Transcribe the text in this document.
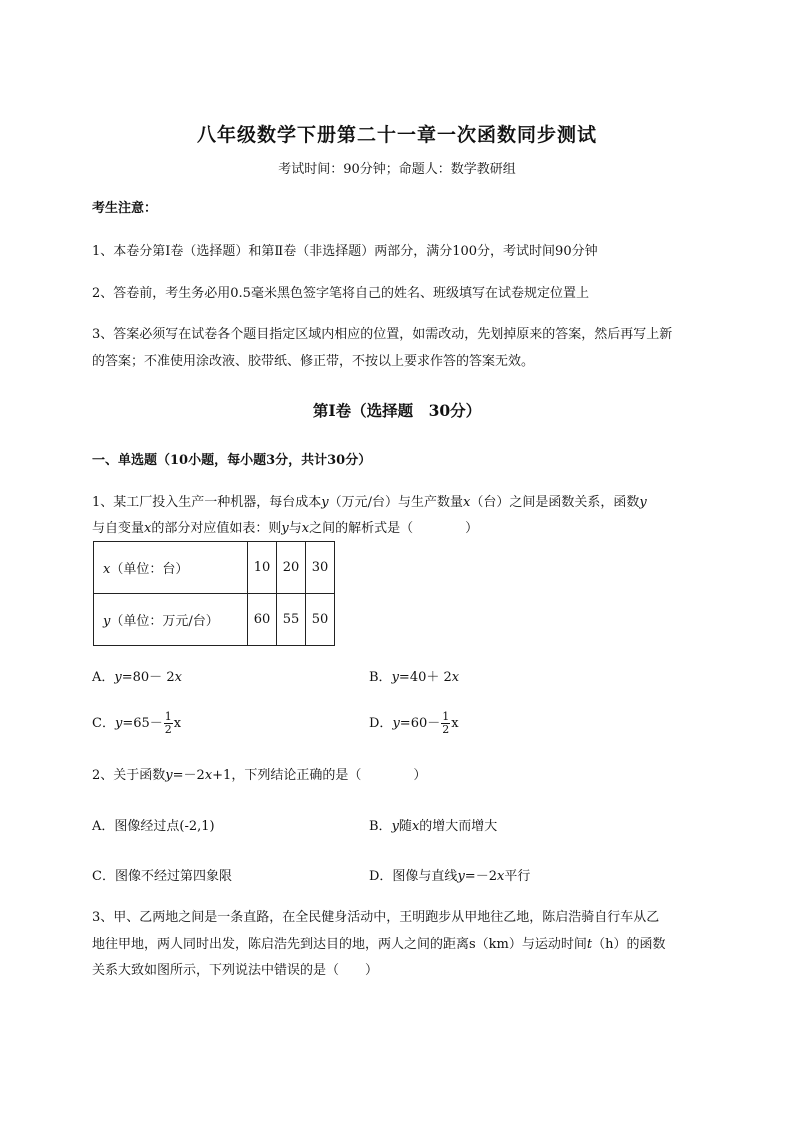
八年级数学下册第二十一章一次函数同步测试
考试时间：90分钟；命题人：数学教研组
考生注意：
1、本卷分第I卷（选择题）和第Ⅱ卷（非选择题）两部分，满分100分，考试时间90分钟
2、答卷前，考生务必用0.5毫米黑色签字笔将自己的姓名、班级填写在试卷规定位置上
3、答案必须写在试卷各个题目指定区域内相应的位置，如需改动，先划掉原来的答案，然后再写上新
的答案；不准使用涂改液、胶带纸、修正带，不按以上要求作答的答案无效。
第I卷（选择题　30分）
一、单选题（10小题，每小题3分，共计30分）
1、某工厂投入生产一种机器，每台成本y（万元/台）与生产数量x（台）之间是函数关系，函数y
与自变量x的部分对应值如表：则y与x之间的解析式是（　　　　）
x（单位：台）	10	20	30
y（单位：万元/台）	60	55	50
A．y=80－ 2x	B．y=40＋ 2x
C．$y=65- \frac{1}{2}$ x	D．$y=60- \frac{1}{2}$ x
2、关于函数y=－2x+1，下列结论正确的是（　　　　）
A．图像经过点(-2,1)	B．y随x的增大而增大
C．图像不经过第四象限	D．图像与直线y=－2x平行
3、甲、乙两地之间是一条直路，在全民健身活动中，王明跑步从甲地往乙地，陈启浩骑自行车从乙
地往甲地，两人同时出发，陈启浩先到达目的地，两人之间的距离s（km）与运动时间t（h）的函数
关系大致如图所示，下列说法中错误的是（　　）
